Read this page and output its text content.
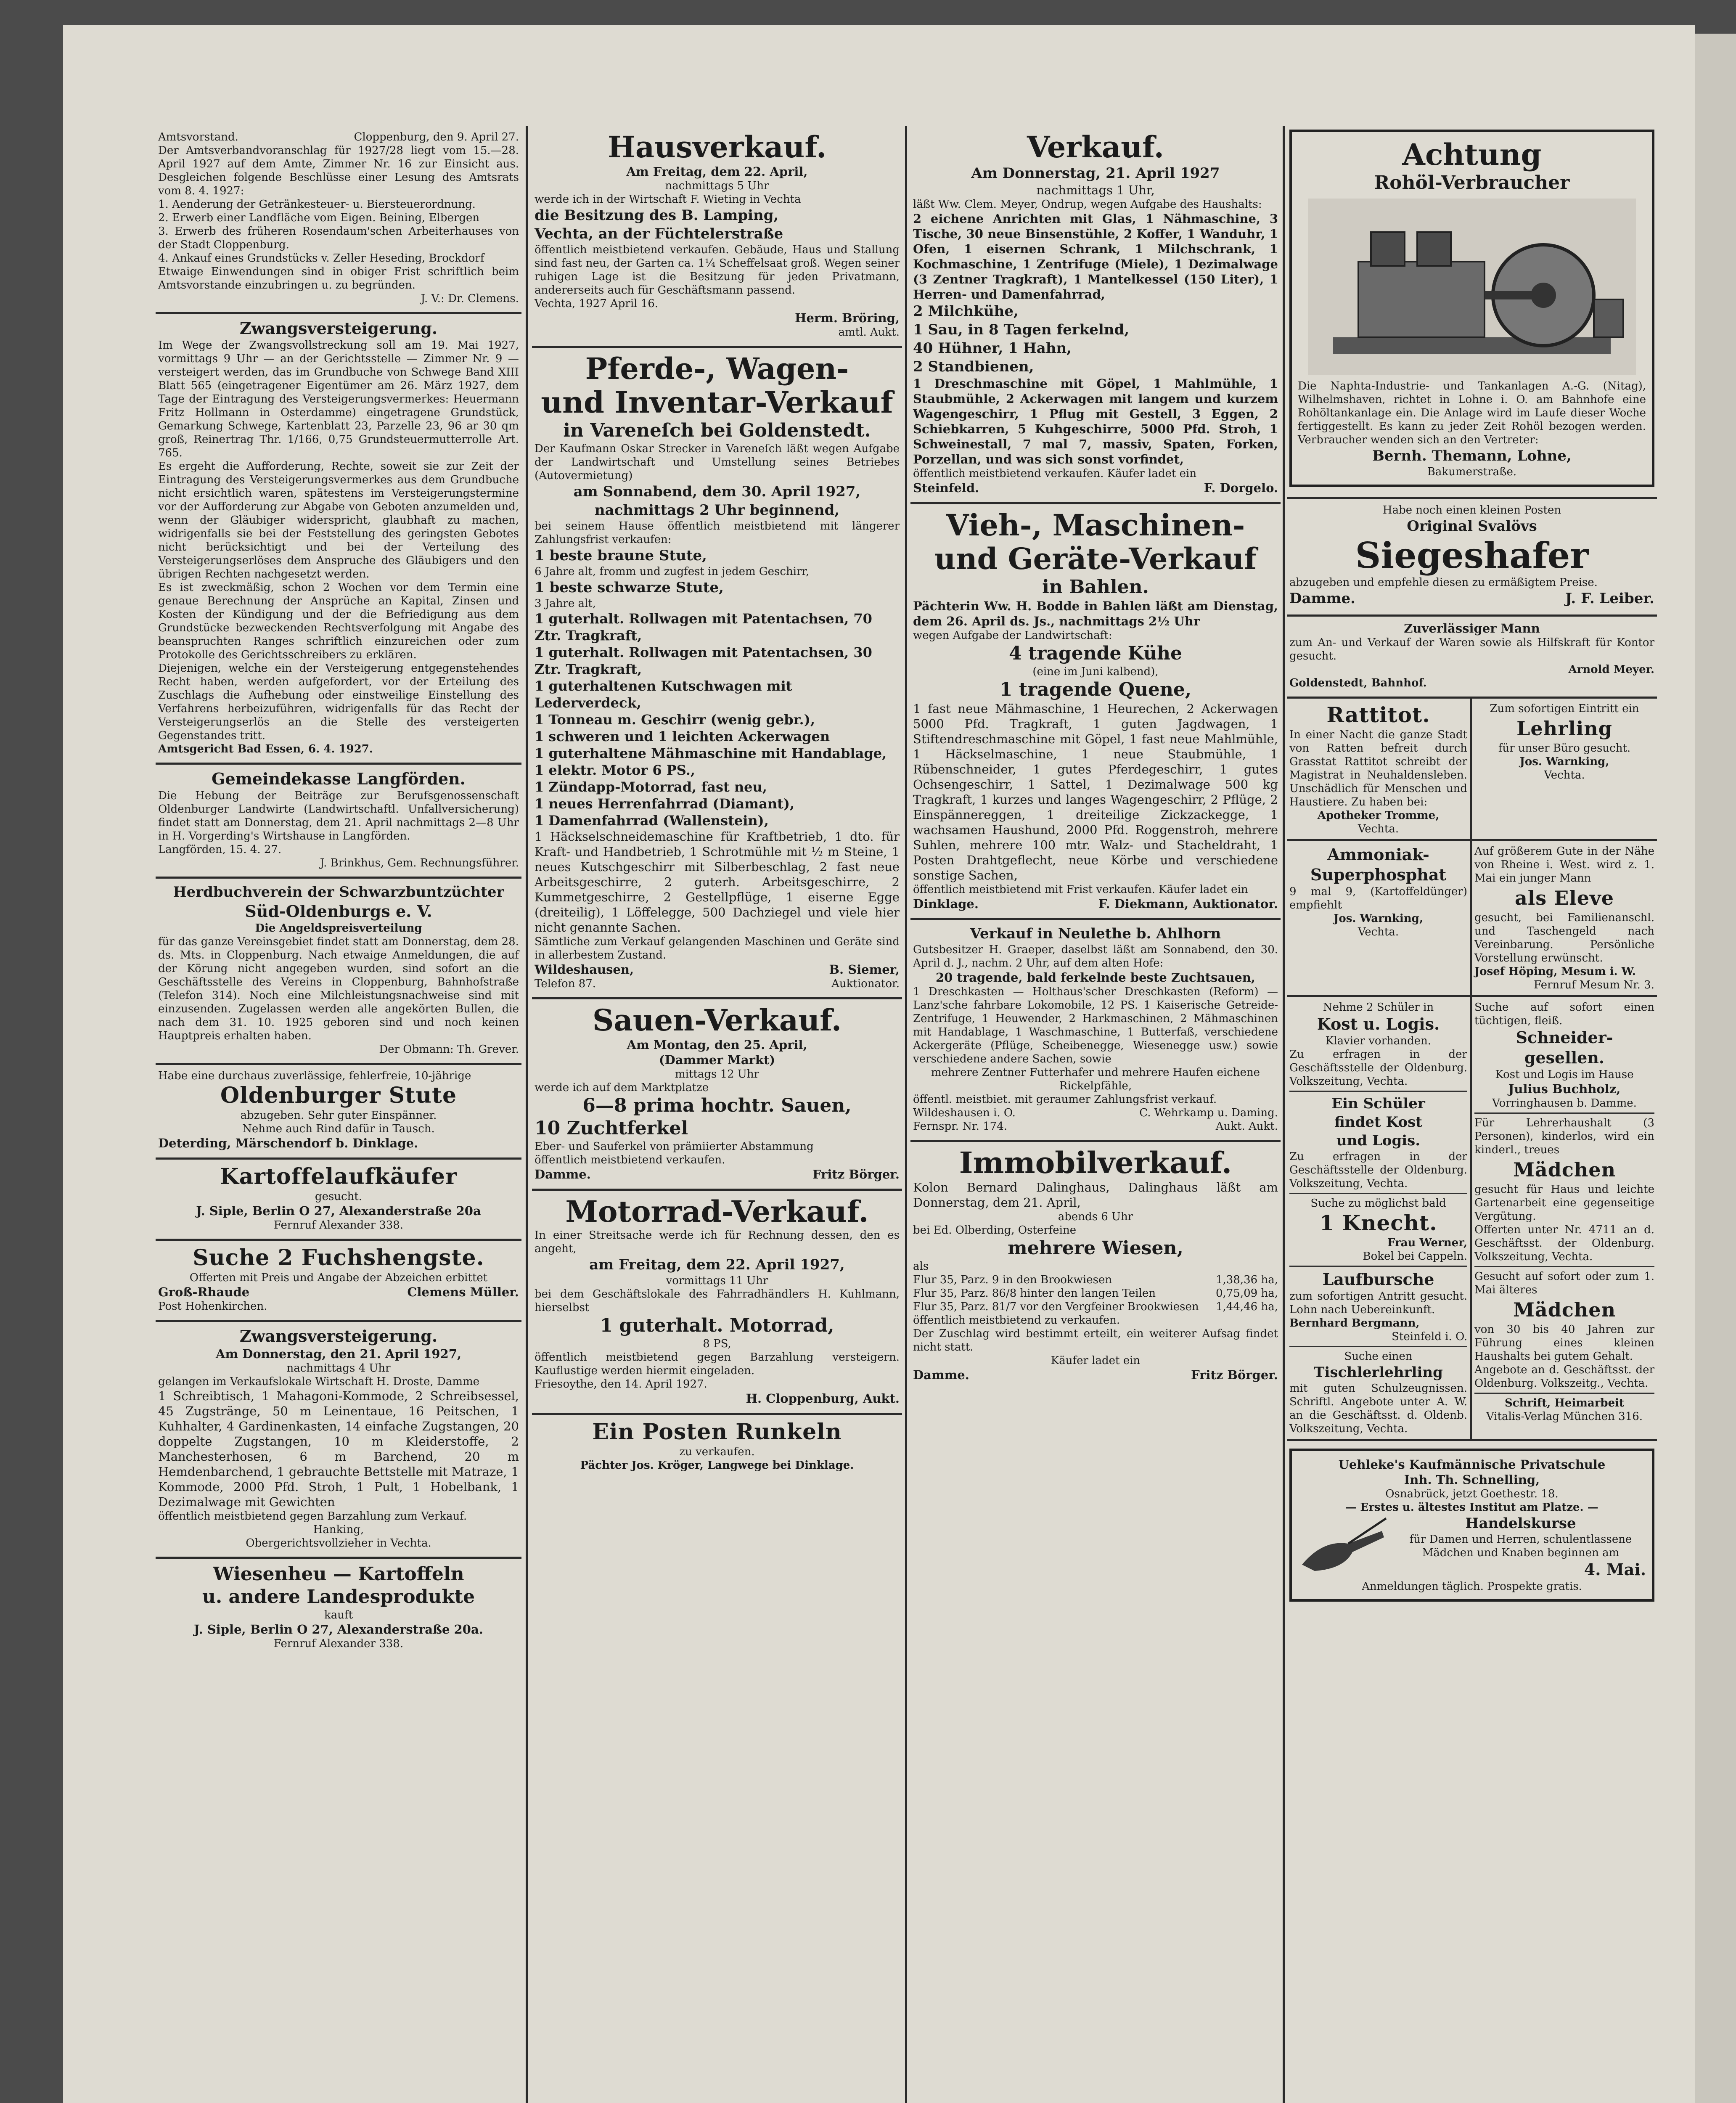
Amtsvorstand.	Cloppenburg, den 9. April 27.

Der Amtsverbandvoranschlag für 1927/28 liegt vom 15.—28. April 1927 auf dem Amte, Zimmer Nr. 16 zur Einsicht aus. Desgleichen folgende Beschlüsse einer Lesung des Amtsrats vom 8. 4. 1927:

1. Aenderung der Getränkesteuer- u. Biersteuerordnung.

2. Erwerb einer Landfläche vom Eigen. Beining, Elbergen

3. Erwerb des früheren Rosendaum'schen Arbeiterhauses von der Stadt Cloppenburg.

4. Ankauf eines Grundstücks v. Zeller Heseding, Brockdorf

Etwaige Einwendungen sind in obiger Frist schriftlich beim Amtsvorstande einzubringen u. zu begründen.

J. V.: Dr. Clemens.

Zwangsversteigerung.

Im Wege der Zwangsvollstreckung soll am 19. Mai 1927, vormittags 9 Uhr — an der Gerichtsstelle — Zimmer Nr. 9 — versteigert werden, das im Grundbuche von Schwege Band XIII Blatt 565 (eingetragener Eigentümer am 26. März 1927, dem Tage der Eintragung des Versteigerungsvermerkes: Heuermann Fritz Hollmann in Osterdamme) eingetragene Grundstück, Gemarkung Schwege, Kartenblatt 23, Parzelle 23, 96 ar 30 qm groß, Reinertrag Thr. 1/166, 0,75 Grundsteuermutterrolle Art. 765.

Es ergeht die Aufforderung, Rechte, soweit sie zur Zeit der Eintragung des Versteigerungsvermerkes aus dem Grundbuche nicht ersichtlich waren, spätestens im Versteigerungstermine vor der Aufforderung zur Abgabe von Geboten anzumelden und, wenn der Gläubiger widerspricht, glaubhaft zu machen, widrigenfalls sie bei der Feststellung des geringsten Gebotes nicht berücksichtigt und bei der Verteilung des Versteigerungserlöses dem Anspruche des Gläubigers und den übrigen Rechten nachgesetzt werden.

Es ist zweckmäßig, schon 2 Wochen vor dem Termin eine genaue Berechnung der Ansprüche an Kapital, Zinsen und Kosten der Kündigung und der die Befriedigung aus dem Grundstücke bezweckenden Rechtsverfolgung mit Angabe des beanspruchten Ranges schriftlich einzureichen oder zum Protokolle des Gerichtsschreibers zu erklären.

Diejenigen, welche ein der Versteigerung entgegenstehendes Recht haben, werden aufgefordert, vor der Erteilung des Zuschlags die Aufhebung oder einstweilige Einstellung des Verfahrens herbeizuführen, widrigenfalls für das Recht der Versteigerungserlös an die Stelle des versteigerten Gegenstandes tritt.

Amtsgericht Bad Essen, 6. 4. 1927.

Gemeindekasse Langförden.

Die Hebung der Beiträge zur Berufsgenossenschaft Oldenburger Landwirte (Landwirtschaftl. Unfallversicherung) findet statt am Donnerstag, dem 21. April nachmittags 2—8 Uhr in H. Vorgerding's Wirtshause in Langförden.

Langförden, 15. 4. 27.

J. Brinkhus, Gem. Rechnungsführer.

Herdbuchverein der Schwarzbuntzüchter

Süd-Oldenburgs e. V.

Die Angeldspreisverteilung

für das ganze Vereinsgebiet findet statt am Donnerstag, dem 28. ds. Mts. in Cloppenburg. Nach etwaige Anmeldungen, die auf der Körung nicht angegeben wurden, sind sofort an die Geschäftsstelle des Vereins in Cloppenburg, Bahnhofstraße (Telefon 314). Noch eine Milchleistungsnachweise sind mit einzusenden. Zugelassen werden alle angekörten Bullen, die nach dem 31. 10. 1925 geboren sind und noch keinen Hauptpreis erhalten haben.

Der Obmann: Th. Grever.

Habe eine durchaus zuverlässige, fehlerfreie, 10-jährige

Oldenburger Stute

abzugeben. Sehr guter Einspänner.

Nehme auch Rind dafür in Tausch.

Deterding, Märschendorf b. Dinklage.

Kartoffelaufkäufer

gesucht.

J. Siple, Berlin O 27, Alexanderstraße 20a

Fernruf Alexander 338.

Suche 2 Fuchshengste.

Offerten mit Preis und Angabe der Abzeichen erbittet

Groß-Rhaude	Clemens Müller.

Post Hohenkirchen.

Zwangsversteigerung.

Am Donnerstag, den 21. April 1927,

nachmittags 4 Uhr

gelangen im Verkaufslokale Wirtschaft H. Droste, Damme

1 Schreibtisch, 1 Mahagoni-Kommode, 2 Schreibsessel, 45 Zugstränge, 50 m Leinentaue, 16 Peitschen, 1 Kuhhalter, 4 Gardinenkasten, 14 einfache Zugstangen, 20 doppelte Zugstangen, 10 m Kleiderstoffe, 2 Manchesterhosen, 6 m Barchend, 20 m Hemdenbarchend, 1 gebrauchte Bettstelle mit Matraze, 1 Kommode, 2000 Pfd. Stroh, 1 Pult, 1 Hobelbank, 1 Dezimalwage mit Gewichten

öffentlich meistbietend gegen Barzahlung zum Verkauf.

Hanking,

Obergerichtsvollzieher in Vechta.

Wiesenheu — Kartoffeln

u. andere Landesprodukte

kauft

J. Siple, Berlin O 27, Alexanderstraße 20a.

Fernruf Alexander 338.

Hausverkauf.

Am Freitag, dem 22. April,

nachmittags 5 Uhr

werde ich in der Wirtschaft F. Wieting in Vechta

die Besitzung des B. Lamping,

Vechta, an der Füchtelerstraße

öffentlich meistbietend verkaufen. Gebäude, Haus und Stallung sind fast neu, der Garten ca. 1¼ Scheffelsaat groß. Wegen seiner ruhigen Lage ist die Besitzung für jeden Privatmann, andererseits auch für Geschäftsmann passend.

Vechta, 1927 April 16.

Herm. Bröring,

amtl. Aukt.

Pferde-, Wagen-

und Inventar-Verkauf

in Vareneſch bei Goldenstedt.

Der Kaufmann Oskar Strecker in Vareneſch läßt wegen Aufgabe der Landwirtschaft und Umstellung seines Betriebes (Autovermietung)

am Sonnabend, dem 30. April 1927,

nachmittags 2 Uhr beginnend,

bei seinem Hause öffentlich meistbietend mit längerer Zahlungsfrist verkaufen:

1 beste braune Stute,

6 Jahre alt, fromm und zugfest in jedem Geschirr,

1 beste schwarze Stute,

3 Jahre alt,

1 guterhalt. Rollwagen mit Patentachsen, 70 Ztr. Tragkraft,

1 guterhalt. Rollwagen mit Patentachsen, 30 Ztr. Tragkraft,

1 guterhaltenen Kutschwagen mit Lederverdeck,

1 Tonneau m. Geschirr (wenig gebr.),

1 schweren und 1 leichten Ackerwagen

1 guterhaltene Mähmaschine mit Handablage,

1 elektr. Motor 6 PS.,

1 Zündapp-Motorrad, fast neu,

1 neues Herrenfahrrad (Diamant),

1 Damenfahrrad (Wallenstein),

1 Häckselschneidemaschine für Kraftbetrieb, 1 dto. für Kraft- und Handbetrieb, 1 Schrotmühle mit ½ m Steine, 1 neues Kutschgeschirr mit Silberbeschlag, 2 fast neue Arbeitsgeschirre, 2 guterh. Arbeitsgeschirre, 2 Kummetgeschirre, 2 Gestellpflüge, 1 eiserne Egge (dreiteilig), 1 Löffelegge, 500 Dachziegel und viele hier nicht genannte Sachen.

Sämtliche zum Verkauf gelangenden Maschinen und Geräte sind in allerbestem Zustand.

Wildeshausen,	B. Siemer,
Telefon 87.	Auktionator.

Sauen-Verkauf.

Am Montag, den 25. April,

(Dammer Markt)

mittags 12 Uhr

werde ich auf dem Marktplatze

6—8 prima hochtr. Sauen,

10 Zuchtferkel

Eber- und Sauferkel von prämiierter Abstammung

öffentlich meistbietend verkaufen.

Damme.	Fritz Börger.

Motorrad-Verkauf.

In einer Streitsache werde ich für Rechnung dessen, den es angeht,

am Freitag, dem 22. April 1927,

vormittags 11 Uhr

bei dem Geschäftslokale des Fahrradhändlers H. Kuhlmann, hierselbst

1 guterhalt. Motorrad,

8 PS,

öffentlich meistbietend gegen Barzahlung versteigern. Kauflustige werden hiermit eingeladen.

Friesoythe, den 14. April 1927.

H. Cloppenburg, Aukt.

Ein Posten Runkeln

zu verkaufen.

Pächter Jos. Kröger, Langwege bei Dinklage.

Verkauf.

Am Donnerstag, 21. April 1927

nachmittags 1 Uhr,

läßt Ww. Clem. Meyer, Ondrup, wegen Aufgabe des Haushalts:

2 eichene Anrichten mit Glas, 1 Nähmaschine, 3 Tische, 30 neue Binsenstühle, 2 Koffer, 1 Wanduhr, 1 Ofen, 1 eisernen Schrank, 1 Milchschrank, 1 Kochmaschine, 1 Zentrifuge (Miele), 1 Dezimalwage (3 Zentner Tragkraft), 1 Mantelkessel (150 Liter), 1 Herren- und Damenfahrrad,

2 Milchkühe,

1 Sau, in 8 Tagen ferkelnd,

40 Hühner, 1 Hahn,

2 Standbienen,

1 Dreschmaschine mit Göpel, 1 Mahlmühle, 1 Staubmühle, 2 Ackerwagen mit langem und kurzem Wagengeschirr, 1 Pflug mit Gestell, 3 Eggen, 2 Schiebkarren, 5 Kuhgeschirre, 5000 Pfd. Stroh, 1 Schweinestall, 7 mal 7, massiv, Spaten, Forken, Porzellan, und was sich sonst vorfindet,

öffentlich meistbietend verkaufen. Käufer ladet ein

Steinfeld.	F. Dorgelo.

Vieh-, Maschinen-

und Geräte-Verkauf

in Bahlen.

Pächterin Ww. H. Bodde in Bahlen läßt am Dienstag, dem 26. April ds. Js., nachmittags 2½ Uhr

wegen Aufgabe der Landwirtschaft:

4 tragende Kühe

(eine im Juni kalbend),

1 tragende Quene,

1 fast neue Mähmaschine, 1 Heurechen, 2 Ackerwagen 5000 Pfd. Tragkraft, 1 guten Jagdwagen, 1 Stiftendreschmaschine mit Göpel, 1 fast neue Mahlmühle, 1 Häckselmaschine, 1 neue Staubmühle, 1 Rübenschneider, 1 gutes Pferdegeschirr, 1 gutes Ochsengeschirr, 1 Sattel, 1 Dezimalwage 500 kg Tragkraft, 1 kurzes und langes Wagengeschirr, 2 Pflüge, 2 Einspännereggen, 1 dreiteilige Zickzackegge, 1 wachsamen Haushund, 2000 Pfd. Roggenstroh, mehrere Suhlen, mehrere 100 mtr. Walz- und Stacheldraht, 1 Posten Drahtgeflecht, neue Körbe und verschiedene sonstige Sachen,

öffentlich meistbietend mit Frist verkaufen. Käufer ladet ein

Dinklage.	F. Diekmann, Auktionator.

Verkauf in Neulethe b. Ahlhorn

Gutsbesitzer H. Graeper, daselbst läßt am Sonnabend, den 30. April d. J., nachm. 2 Uhr, auf dem alten Hofe:

20 tragende, bald ferkelnde beste Zuchtsauen,

1 Dreschkasten — Holthaus'scher Dreschkasten (Reform) — Lanz'sche fahrbare Lokomobile, 12 PS. 1 Kaiserische Getreide-Zentrifuge, 1 Heuwender, 2 Harkmaschinen, 2 Mähmaschinen mit Handablage, 1 Waschmaschine, 1 Butterfaß, verschiedene Ackergeräte (Pflüge, Scheibenegge, Wiesenegge usw.) sowie verschiedene andere Sachen, sowie

mehrere Zentner Futterhafer und mehrere Haufen eichene Rickelpfähle,

öffentl. meistbiet. mit geraumer Zahlungsfrist verkauf.

Wildeshausen i. O.	C. Wehrkamp u. Daming.
Fernspr. Nr. 174.	Aukt. Aukt.

Immobilverkauf.

Kolon Bernard Dalinghaus, Dalinghaus läßt am Donnerstag, dem 21. April,

abends 6 Uhr

bei Ed. Olberding, Osterfeine

mehrere Wiesen,

als

Flur 35, Parz. 9 in den Brookwiesen	1,38,36 ha,
Flur 35, Parz. 86/8 hinter den langen Teilen	0,75,09 ha,
Flur 35, Parz. 81/7 vor den Vergfeiner Brookwiesen 1,44,46 ha,

öffentlich meistbietend zu verkaufen.

Der Zuschlag wird bestimmt erteilt, ein weiterer Aufsag findet nicht statt.

Käufer ladet ein

Damme.	Fritz Börger.

Achtung

Rohöl-Verbraucher

Die Naphta-Industrie- und Tankanlagen A.-G. (Nitag), Wilhelmshaven, richtet in Lohne i. O. am Bahnhofe eine Rohöltankanlage ein. Die Anlage wird im Laufe dieser Woche fertiggestellt. Es kann zu jeder Zeit Rohöl bezogen werden. Verbraucher wenden sich an den Vertreter:

Bernh. Themann, Lohne,

Bakumerstraße.

Habe noch einen kleinen Posten

Original Svalövs

Siegeshafer

abzugeben und empfehle diesen zu ermäßigtem Preise.

Damme.	J. F. Leiber.

Zuverlässiger Mann

zum An- und Verkauf der Waren sowie als Hilfskraft für Kontor gesucht.

Arnold Meyer.

Goldenstedt, Bahnhof.

Rattitot.

In einer Nacht die ganze Stadt von Ratten befreit durch Grasstat Rattitot schreibt der Magistrat in Neuhaldensleben. Unschädlich für Menschen und Haustiere. Zu haben bei:

Apotheker Tromme,

Vechta.

Zum sofortigen Eintritt ein

Lehrling

für unser Büro gesucht.

Jos. Warnking,

Vechta.

Ammoniak-

Superphosphat

9 mal 9, (Kartoffeldünger) empfiehlt

Jos. Warnking,

Vechta.

Auf größerem Gute in der Nähe von Rheine i. West. wird z. 1. Mai ein junger Mann

als Eleve

gesucht, bei Familienanschl. und Taschengeld nach Vereinbarung. Persönliche Vorstellung erwünscht.

Josef Höping, Mesum i. W.

Fernruf Mesum Nr. 3.

Nehme 2 Schüler in

Kost u. Logis.

Klavier vorhanden.

Zu erfragen in der Geschäftsstelle der Oldenburg. Volkszeitung, Vechta.

Ein Schüler

findet Kost

und Logis.

Zu erfragen in der Geschäftsstelle der Oldenburg. Volkszeitung, Vechta.

Suche zu möglichst bald

1 Knecht.

Frau Werner,

Bokel bei Cappeln.

Laufbursche

zum sofortigen Antritt gesucht. Lohn nach Uebereinkunft.

Bernhard Bergmann,

Steinfeld i. O.

Suche einen

Tischlerlehrling

mit guten Schulzeugnissen. Schriftl. Angebote unter A. W. an die Geschäftsst. d. Oldenb. Volkszeitung, Vechta.

Suche auf sofort einen tüchtigen, fleiß.

Schneider-

gesellen.

Kost und Logis im Hause

Julius Buchholz,

Vorringhausen b. Damme.

Für Lehrerhaushalt (3 Personen), kinderlos, wird ein kinderl., treues

Mädchen

gesucht für Haus und leichte Gartenarbeit eine gegenseitige Vergütung.

Offerten unter Nr. 4711 an d. Geschäftsst. der Oldenburg. Volkszeitung, Vechta.

Gesucht auf sofort oder zum 1. Mai älteres

Mädchen

von 30 bis 40 Jahren zur Führung eines kleinen Haushalts bei gutem Gehalt.

Angebote an d. Geschäftsst. der Oldenburg. Volkszeitg., Vechta.

Schrift, Heimarbeit

Vitalis-Verlag München 316.

Uehleke's Kaufmännische Privatschule

Inh. Th. Schnelling,

Osnabrück, jetzt Goethestr. 18.

— Erstes u. ältestes Institut am Platze. —

Handelskurse

für Damen und Herren, schulentlassene Mädchen und Knaben beginnen am

4. Mai.

Anmeldungen täglich. Prospekte gratis.
